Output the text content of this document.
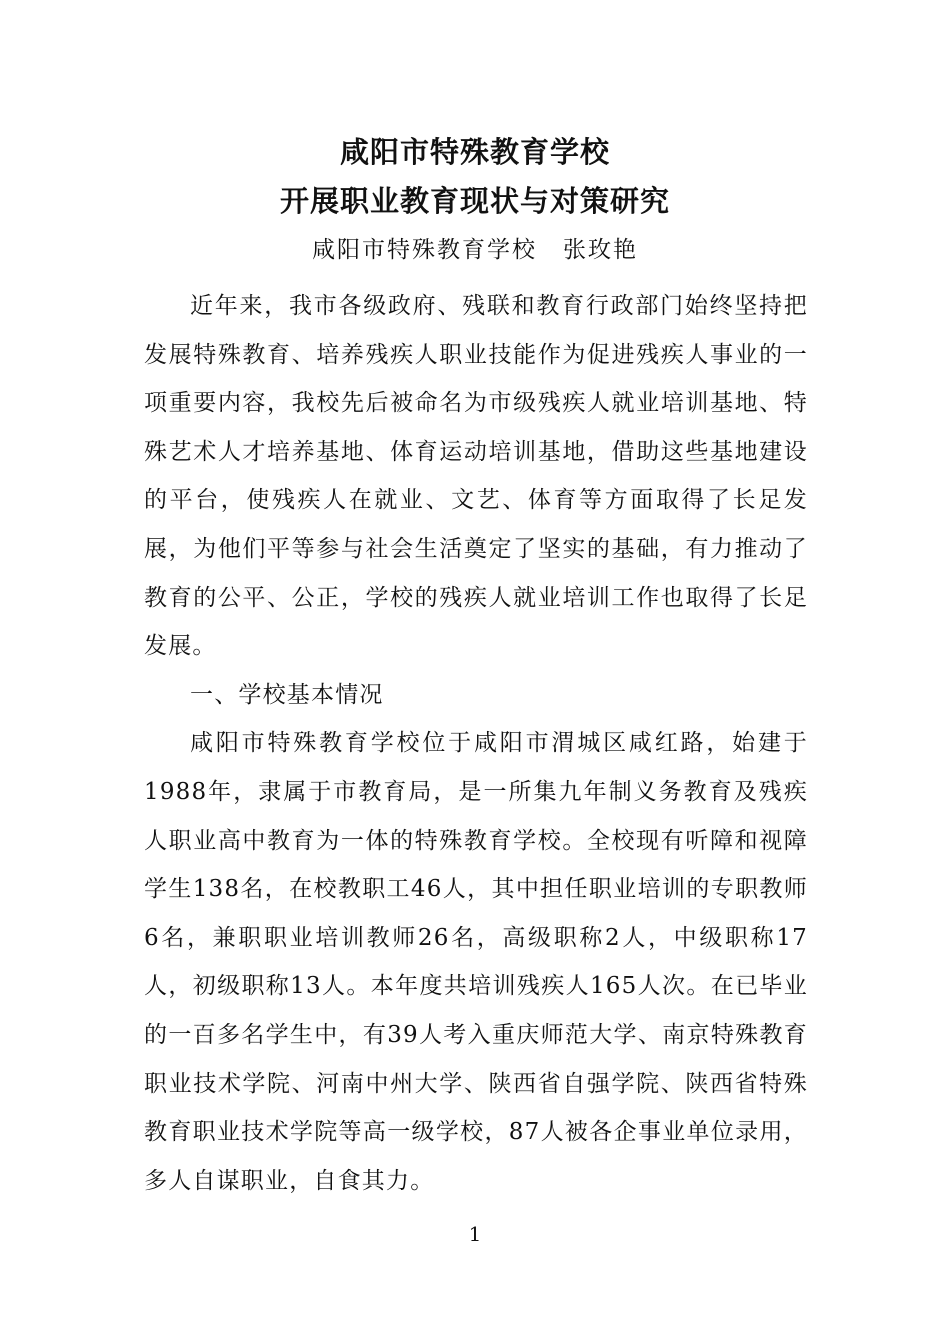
咸阳市特殊教育学校
开展职业教育现状与对策研究
咸阳市特殊教育学校 张玫艳

近年来，我市各级政府、残联和教育行政部门始终坚持把发展特殊教育、培养残疾人职业技能作为促进残疾人事业的一项重要内容，我校先后被命名为市级残疾人就业培训基地、特殊艺术人才培养基地、体育运动培训基地，借助这些基地建设的平台，使残疾人在就业、文艺、体育等方面取得了长足发展，为他们平等参与社会生活奠定了坚实的基础，有力推动了教育的公平、公正，学校的残疾人就业培训工作也取得了长足发展。

一、学校基本情况

咸阳市特殊教育学校位于咸阳市渭城区咸红路，始建于1988年，隶属于市教育局，是一所集九年制义务教育及残疾人职业高中教育为一体的特殊教育学校。全校现有听障和视障学生138名，在校教职工46人，其中担任职业培训的专职教师6名，兼职职业培训教师26名，高级职称2人，中级职称17人，初级职称13人。本年度共培训残疾人165人次。在已毕业的一百多名学生中，有39人考入重庆师范大学、南京特殊教育职业技术学院、河南中州大学、陕西省自强学院、陕西省特殊教育职业技术学院等高一级学校，87人被各企事业单位录用，多人自谋职业，自食其力。

1
